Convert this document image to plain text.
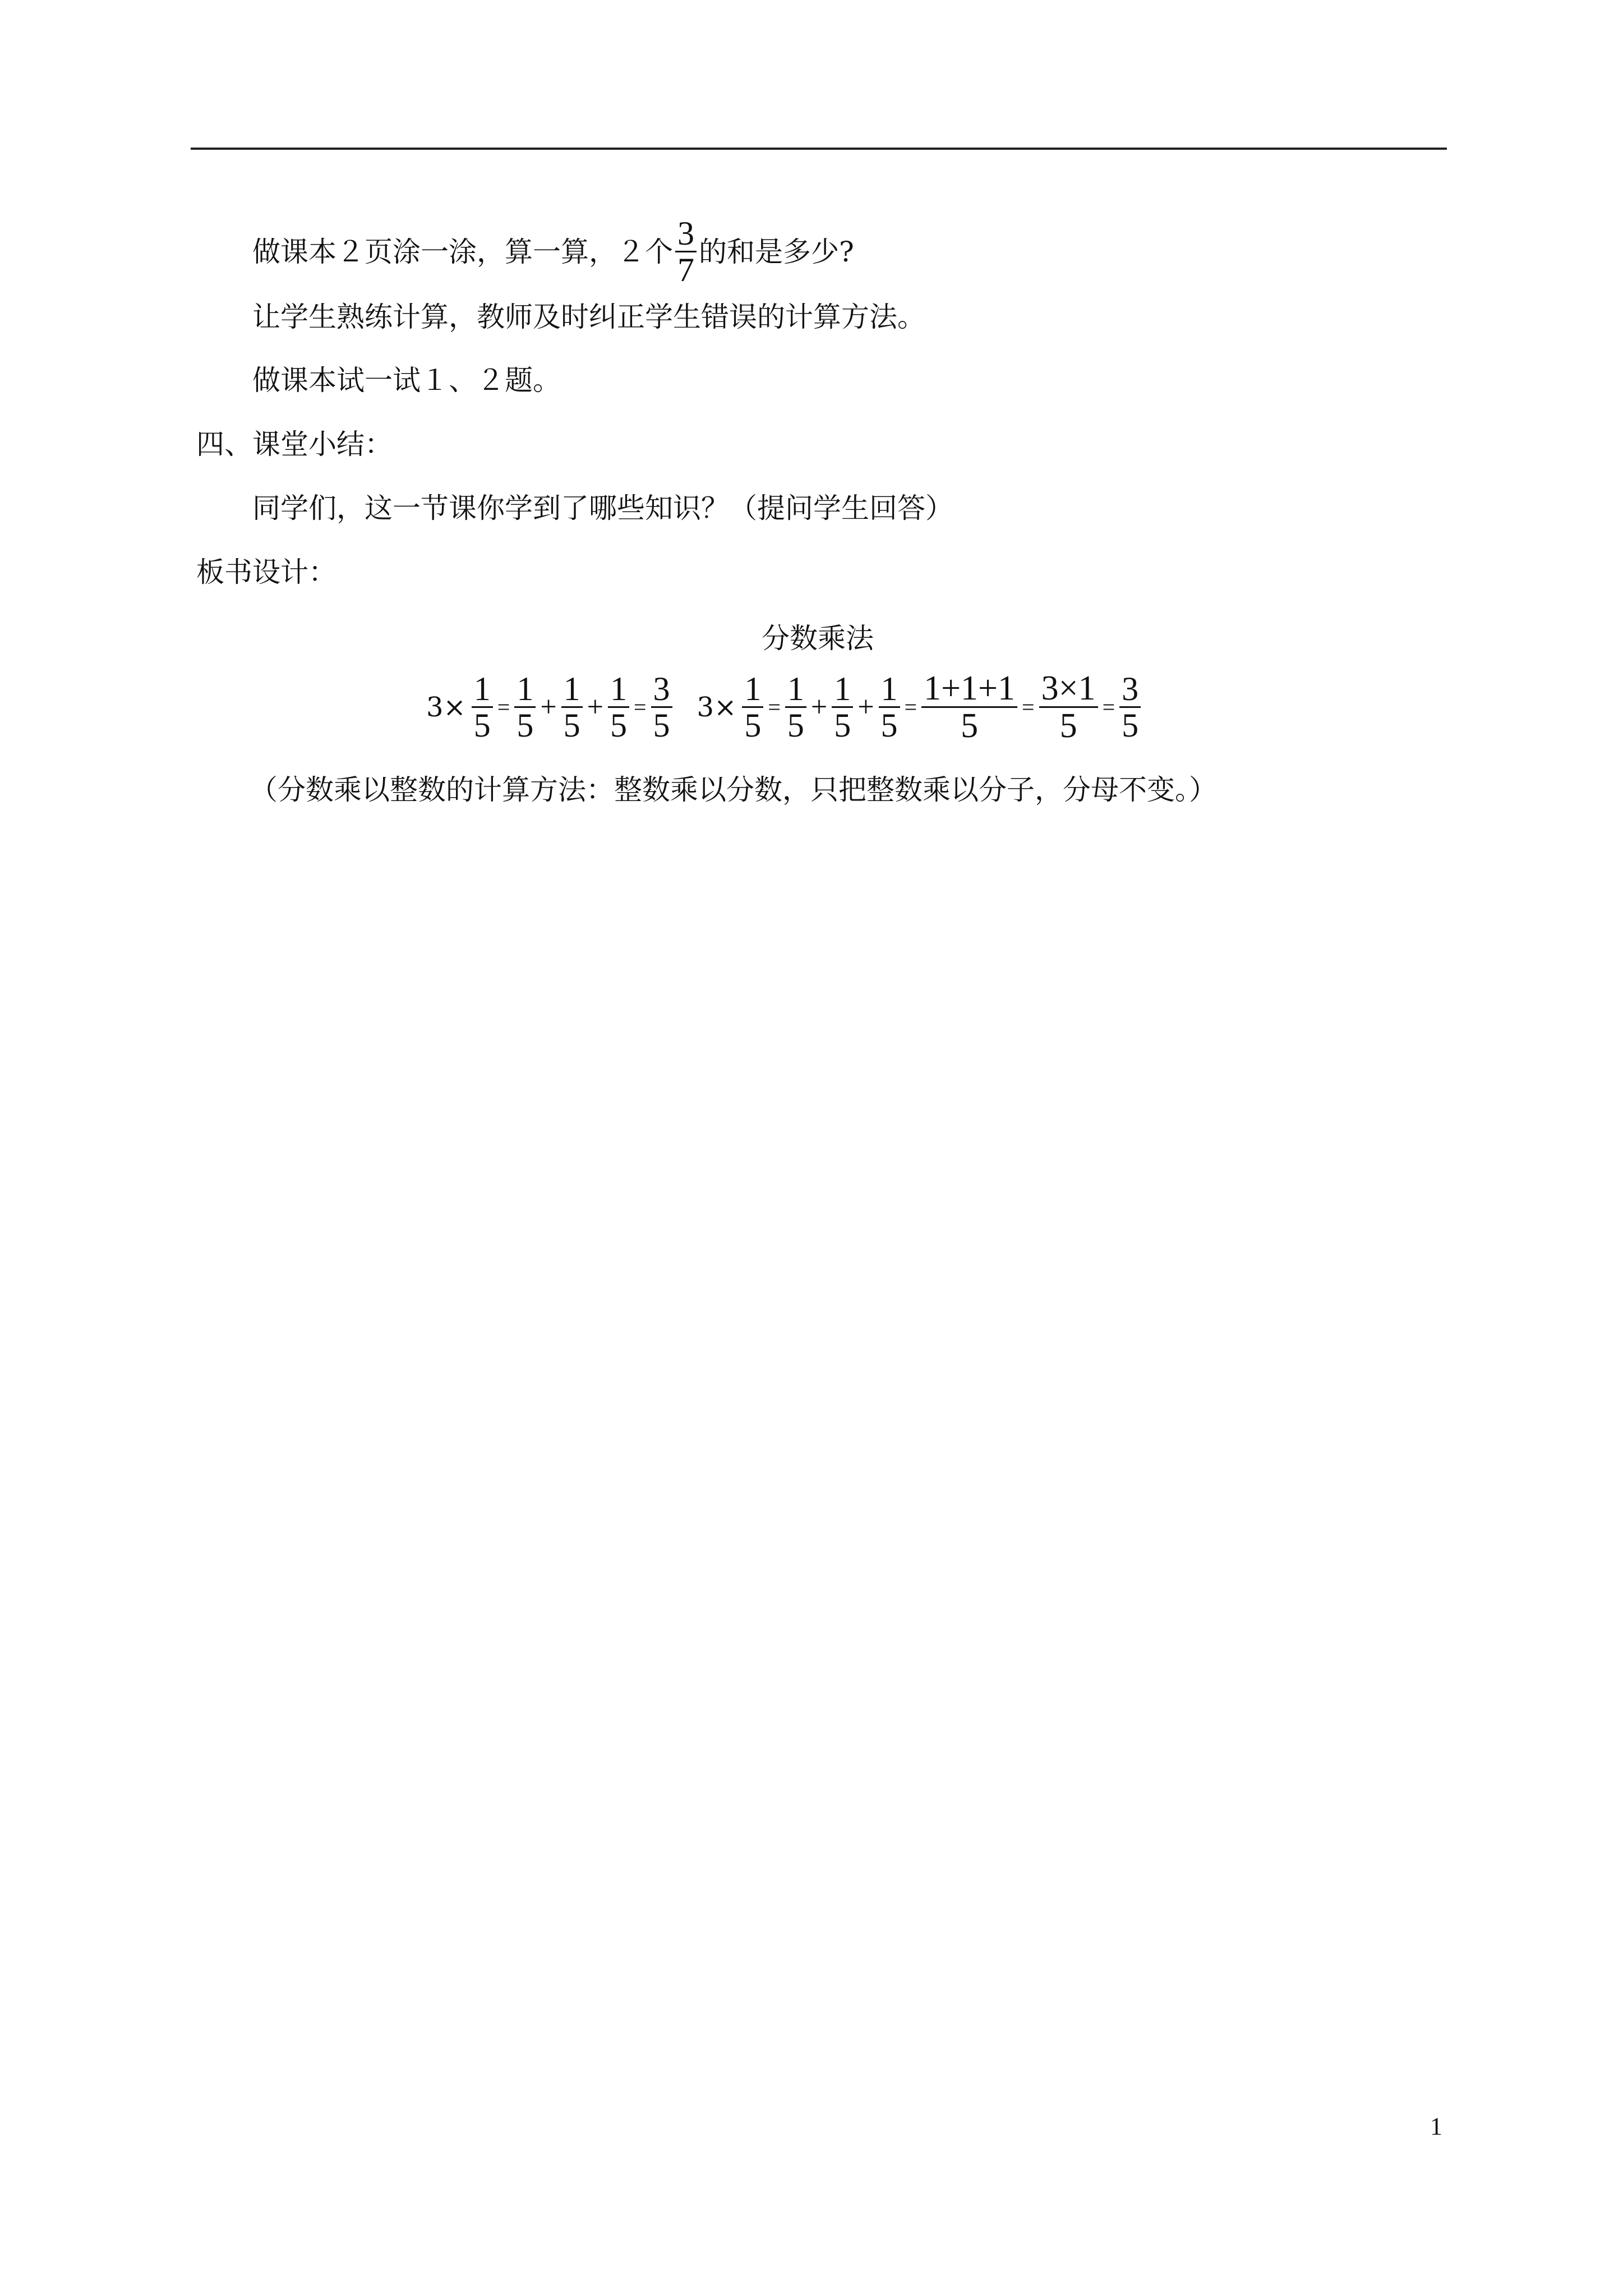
做课本２页涂一涂，算一算，２个 $\frac{3}{7}$ 的和是多少?
让学生熟练计算，教师及时纠正学生错误的计算方法。
做课本试一试１、２题。
四、课堂小结：
同学们，这一节课你学到了哪些知识？（提问学生回答）
板书设计：
分数乘法
$3\times \frac{1}{5} = \frac{1}{5} + \frac{1}{5} + \frac{1}{5} = \frac{3}{5} 3\times \frac{1}{5} = \frac{1}{5} + \frac{1}{5} + \frac{1}{5} = \frac{1+1+1}{5} = \frac{3\times 1}{5} = \frac{3}{5}$
（分数乘以整数的计算方法：整数乘以分数，只把整数乘以分子，分母不变。）
1
